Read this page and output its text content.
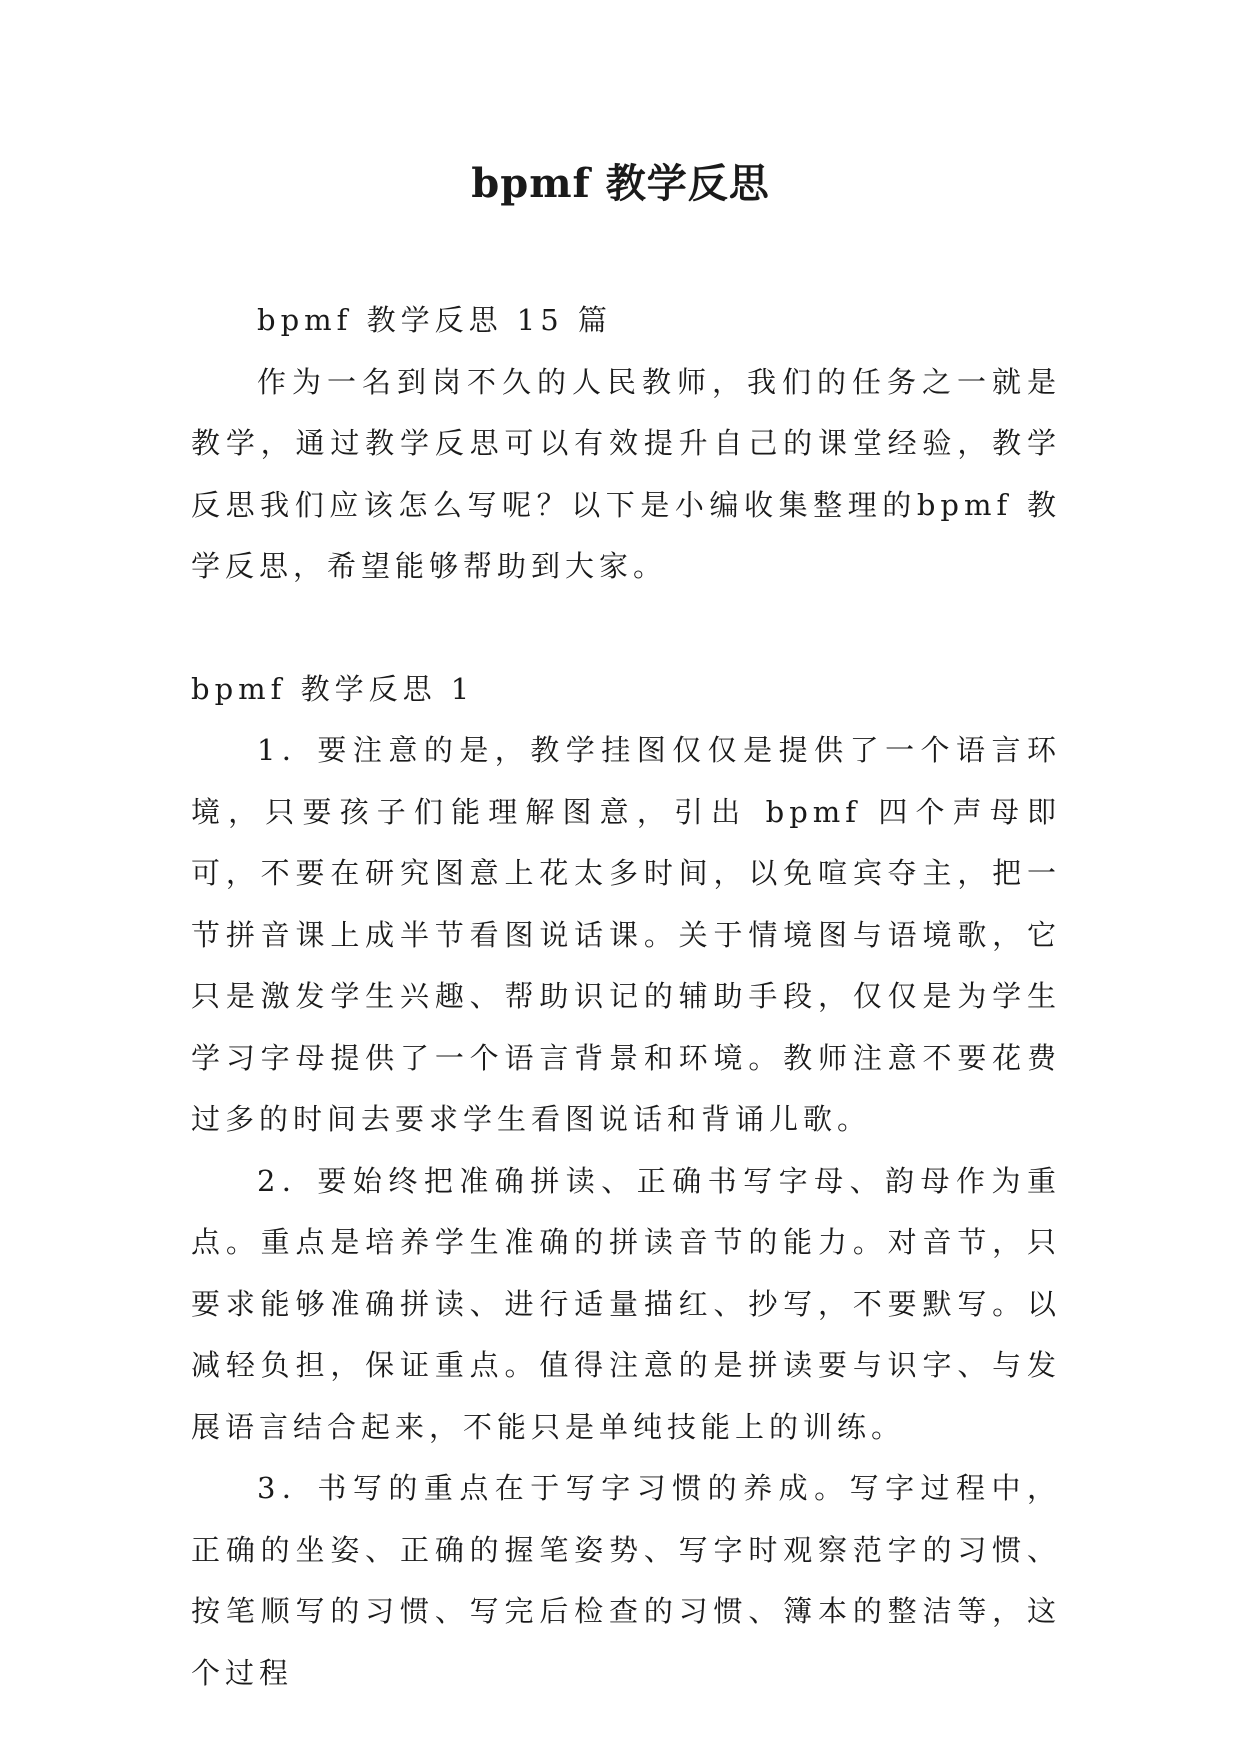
bpmf 教学反思

bpmf 教学反思 15 篇

作为一名到岗不久的人民教师，我们的任务之一就是教学，通过教学反思可以有效提升自己的课堂经验，教学反思我们应该怎么写呢？以下是小编收集整理的bpmf 教学反思，希望能够帮助到大家。

bpmf 教学反思 1

1．要注意的是，教学挂图仅仅是提供了一个语言环境，只要孩子们能理解图意，引出 bpmf 四个声母即可，不要在研究图意上花太多时间，以免喧宾夺主，把一节拼音课上成半节看图说话课。关于情境图与语境歌，它只是激发学生兴趣、帮助识记的辅助手段，仅仅是为学生学习字母提供了一个语言背景和环境。教师注意不要花费过多的时间去要求学生看图说话和背诵儿歌。

2．要始终把准确拼读、正确书写字母、韵母作为重点。重点是培养学生准确的拼读音节的能力。对音节，只要求能够准确拼读、进行适量描红、抄写，不要默写。以减轻负担，保证重点。值得注意的是拼读要与识字、与发展语言结合起来，不能只是单纯技能上的训练。

3．书写的重点在于写字习惯的养成。写字过程中，正确的坐姿、正确的握笔姿势、写字时观察范字的习惯、按笔顺写的习惯、写完后检查的习惯、簿本的整洁等，这个过程
